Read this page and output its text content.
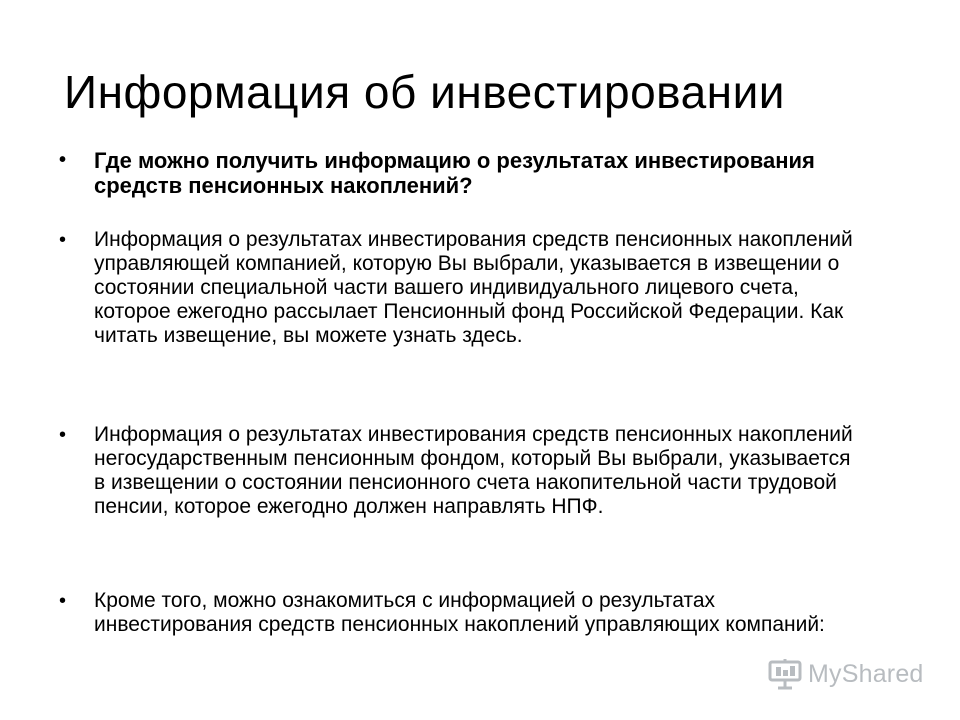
Информация об инвестировании
• Где можно получить информацию о результатах инвестирования средств пенсионных накоплений?
• Информация о результатах инвестирования средств пенсионных накоплений управляющей компанией, которую Вы выбрали, указывается в извещении о состоянии специальной части вашего индивидуального лицевого счета, которое ежегодно рассылает Пенсионный фонд Российской Федерации. Как читать извещение, вы можете узнать здесь.
• Информация о результатах инвестирования средств пенсионных накоплений негосударственным пенсионным фондом, который Вы выбрали, указывается в извещении о состоянии пенсионного счета накопительной части трудовой пенсии, которое ежегодно должен направлять НПФ.
• Кроме того, можно ознакомиться с информацией о результатах инвестирования средств пенсионных накоплений управляющих компаний:
MyShared
